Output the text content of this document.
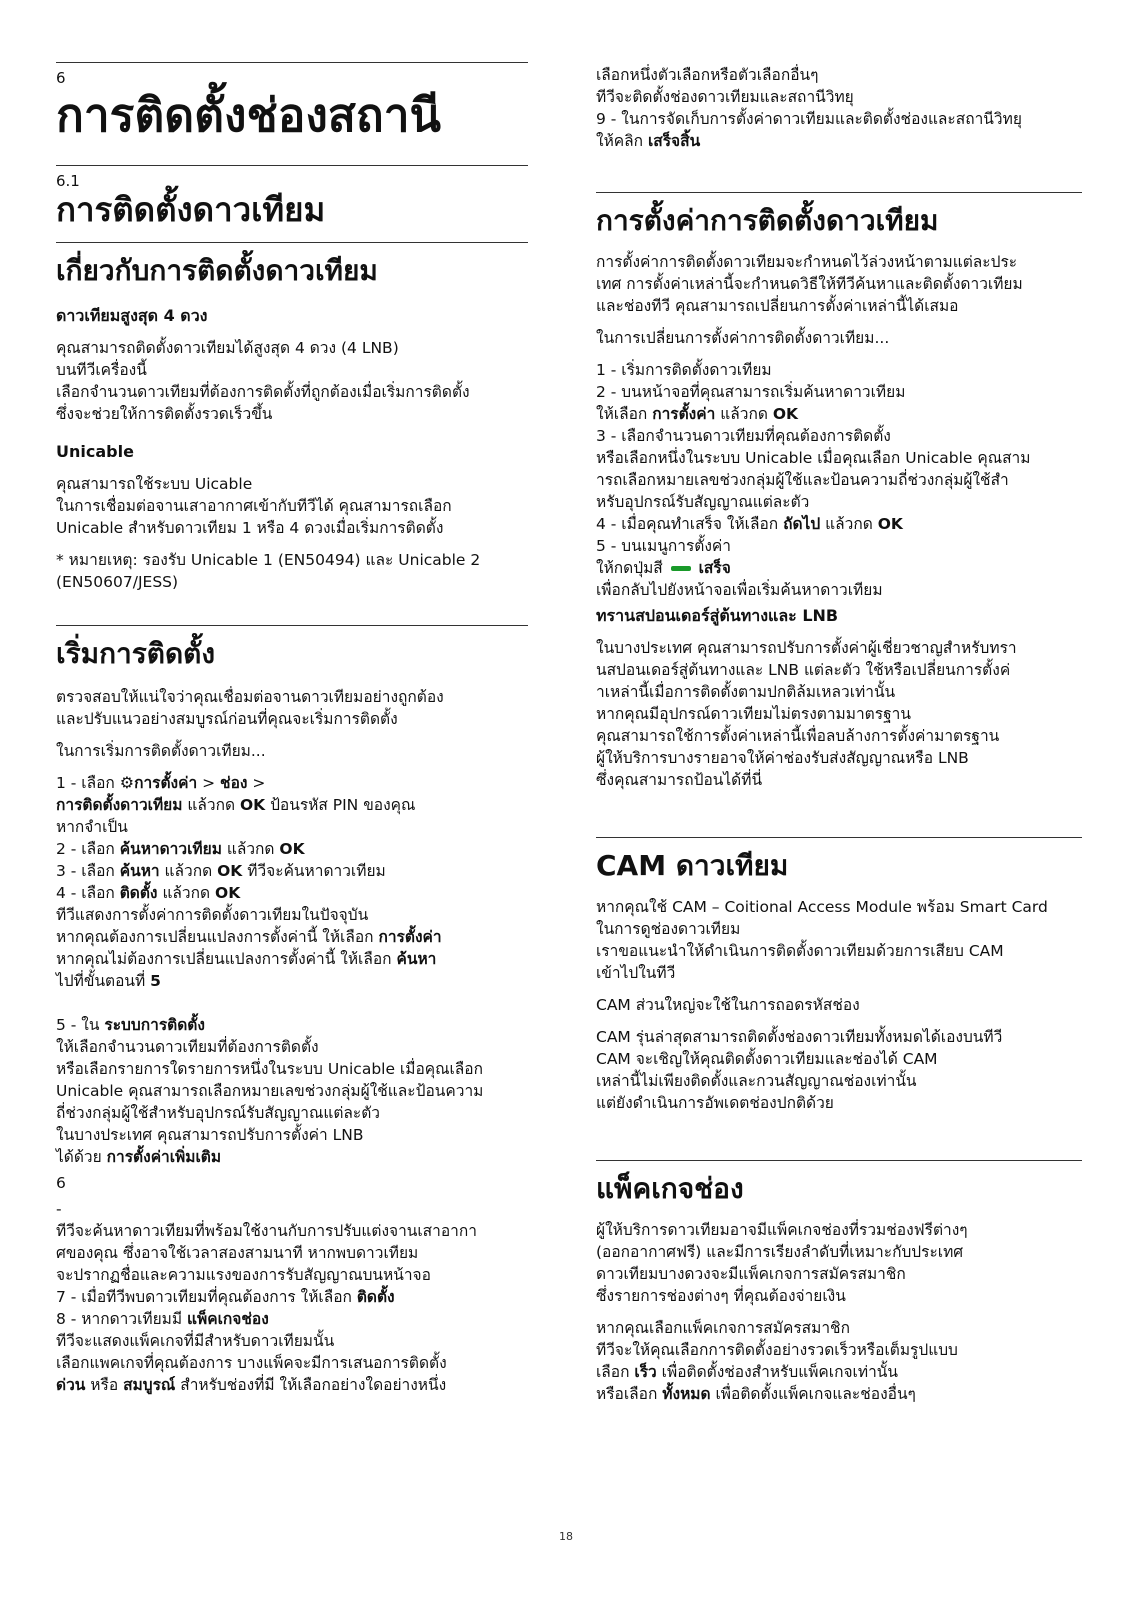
6
การติดตั้งช่องสถานี
6.1
การติดตั้งดาวเทียม
เกี่ยวกับการติดตั้งดาวเทียม

ดาวเทียมสูงสุด 4 ดวง

คุณสามารถติดตั้งดาวเทียมได้สูงสุด 4 ดวง (4 LNB)

บนทีวีเครื่องนี้

เลือกจำนวนดาวเทียมที่ต้องการติดตั้งที่ถูกต้องเมื่อเริ่มการติดตั้ง

ซึ่งจะช่วยให้การติดตั้งรวดเร็วขึ้น

Unicable

คุณสามารถใช้ระบบ Uicable

ในการเชื่อมต่อจานเสาอากาศเข้ากับทีวีได้ คุณสามารถเลือก

Unicable สำหรับดาวเทียม 1 หรือ 4 ดวงเมื่อเริ่มการติดตั้ง

* หมายเหตุ: รองรับ Unicable 1 (EN50494) และ Unicable 2

(EN50607/JESS)

เริ่มการติดตั้ง

ตรวจสอบให้แน่ใจว่าคุณเชื่อมต่อจานดาวเทียมอย่างถูกต้อง

และปรับแนวอย่างสมบูรณ์ก่อนที่คุณจะเริ่มการติดตั้ง

ในการเริ่มการติดตั้งดาวเทียม...

1 - เลือก ⚙การตั้งค่า > ช่อง >

การติดตั้งดาวเทียม แล้วกด OK ป้อนรหัส PIN ของคุณ

หากจำเป็น

2 - เลือก ค้นหาดาวเทียม แล้วกด OK

3 - เลือก ค้นหา แล้วกด OK ทีวีจะค้นหาดาวเทียม

4 - เลือก ติดตั้ง แล้วกด OK

ทีวีแสดงการตั้งค่าการติดตั้งดาวเทียมในปัจจุบัน

หากคุณต้องการเปลี่ยนแปลงการตั้งค่านี้ ให้เลือก การตั้งค่า

หากคุณไม่ต้องการเปลี่ยนแปลงการตั้งค่านี้ ให้เลือก ค้นหา

ไปที่ขั้นตอนที่ 5

5 - ใน ระบบการติดตั้ง

ให้เลือกจำนวนดาวเทียมที่ต้องการติดตั้ง

หรือเลือกรายการใดรายการหนึ่งในระบบ Unicable เมื่อคุณเลือก

Unicable คุณสามารถเลือกหมายเลขช่วงกลุ่มผู้ใช้และป้อนความ

ถี่ช่วงกลุ่มผู้ใช้สำหรับอุปกรณ์รับสัญญาณแต่ละตัว

ในบางประเทศ คุณสามารถปรับการตั้งค่า LNB

ได้ด้วย การตั้งค่าเพิ่มเติม

6

-

ทีวีจะค้นหาดาวเทียมที่พร้อมใช้งานกับการปรับแต่งจานเสาอากา

ศของคุณ ซึ่งอาจใช้เวลาสองสามนาที หากพบดาวเทียม

จะปรากฏชื่อและความแรงของการรับสัญญาณบนหน้าจอ

7 - เมื่อทีวีพบดาวเทียมที่คุณต้องการ ให้เลือก ติดตั้ง

8 - หากดาวเทียมมี แพ็คเกจช่อง

ทีวีจะแสดงแพ็คเกจที่มีสำหรับดาวเทียมนั้น

เลือกแพคเกจที่คุณต้องการ บางแพ็คจะมีการเสนอการติดตั้ง

ด่วน หรือ สมบูรณ์ สำหรับช่องที่มี ให้เลือกอย่างใดอย่างหนึ่ง

เลือกหนึ่งตัวเลือกหรือตัวเลือกอื่นๆ

ทีวีจะติดตั้งช่องดาวเทียมและสถานีวิทยุ

9 - ในการจัดเก็บการตั้งค่าดาวเทียมและติดตั้งช่องและสถานีวิทยุ

ให้คลิก เสร็จสิ้น

การตั้งค่าการติดตั้งดาวเทียม

การตั้งค่าการติดตั้งดาวเทียมจะกำหนดไว้ล่วงหน้าตามแต่ละประ

เทศ การตั้งค่าเหล่านี้จะกำหนดวิธีให้ทีวีค้นหาและติดตั้งดาวเทียม

และช่องทีวี คุณสามารถเปลี่ยนการตั้งค่าเหล่านี้ได้เสมอ

ในการเปลี่ยนการตั้งค่าการติดตั้งดาวเทียม...

1 - เริ่มการติดตั้งดาวเทียม

2 - บนหน้าจอที่คุณสามารถเริ่มค้นหาดาวเทียม

ให้เลือก การตั้งค่า แล้วกด OK

3 - เลือกจำนวนดาวเทียมที่คุณต้องการติดตั้ง

หรือเลือกหนึ่งในระบบ Unicable เมื่อคุณเลือก Unicable คุณสาม

ารถเลือกหมายเลขช่วงกลุ่มผู้ใช้และป้อนความถี่ช่วงกลุ่มผู้ใช้สำ

หรับอุปกรณ์รับสัญญาณแต่ละตัว

4 - เมื่อคุณทำเสร็จ ให้เลือก ถัดไป แล้วกด OK

5 - บนเมนูการตั้งค่า

ให้กดปุ่มสี  เสร็จ

เพื่อกลับไปยังหน้าจอเพื่อเริ่มค้นหาดาวเทียม

ทรานสปอนเดอร์สู่ต้นทางและ LNB

ในบางประเทศ คุณสามารถปรับการตั้งค่าผู้เชี่ยวชาญสำหรับทรา

นสปอนเดอร์สู่ต้นทางและ LNB แต่ละตัว ใช้หรือเปลี่ยนการตั้งค่

าเหล่านี้เมื่อการติดตั้งตามปกติล้มเหลวเท่านั้น

หากคุณมีอุปกรณ์ดาวเทียมไม่ตรงตามมาตรฐาน

คุณสามารถใช้การตั้งค่าเหล่านี้เพื่อลบล้างการตั้งค่ามาตรฐาน

ผู้ให้บริการบางรายอาจให้ค่าช่องรับส่งสัญญาณหรือ LNB

ซึ่งคุณสามารถป้อนได้ที่นี่

CAM ดาวเทียม

หากคุณใช้ CAM – Coitional Access Module พร้อม Smart Card

ในการดูช่องดาวเทียม

เราขอแนะนำให้ดำเนินการติดตั้งดาวเทียมด้วยการเสียบ CAM

เข้าไปในทีวี

CAM ส่วนใหญ่จะใช้ในการถอดรหัสช่อง

CAM รุ่นล่าสุดสามารถติดตั้งช่องดาวเทียมทั้งหมดได้เองบนทีวี

CAM จะเชิญให้คุณติดตั้งดาวเทียมและช่องได้ CAM

เหล่านี้ไม่เพียงติดตั้งและกวนสัญญาณช่องเท่านั้น

แต่ยังดำเนินการอัพเดตช่องปกติด้วย

แพ็คเกจช่อง

ผู้ให้บริการดาวเทียมอาจมีแพ็คเกจช่องที่รวมช่องฟรีต่างๆ

(ออกอากาศฟรี) และมีการเรียงลำดับที่เหมาะกับประเทศ

ดาวเทียมบางดวงจะมีแพ็คเกจการสมัครสมาชิก

ซึ่งรายการช่องต่างๆ ที่คุณต้องจ่ายเงิน

หากคุณเลือกแพ็คเกจการสมัครสมาชิก

ทีวีจะให้คุณเลือกการติดตั้งอย่างรวดเร็วหรือเต็มรูปแบบ

เลือก เร็ว เพื่อติดตั้งช่องสำหรับแพ็คเกจเท่านั้น

หรือเลือก ทั้งหมด เพื่อติดตั้งแพ็คเกจและช่องอื่นๆ

18
